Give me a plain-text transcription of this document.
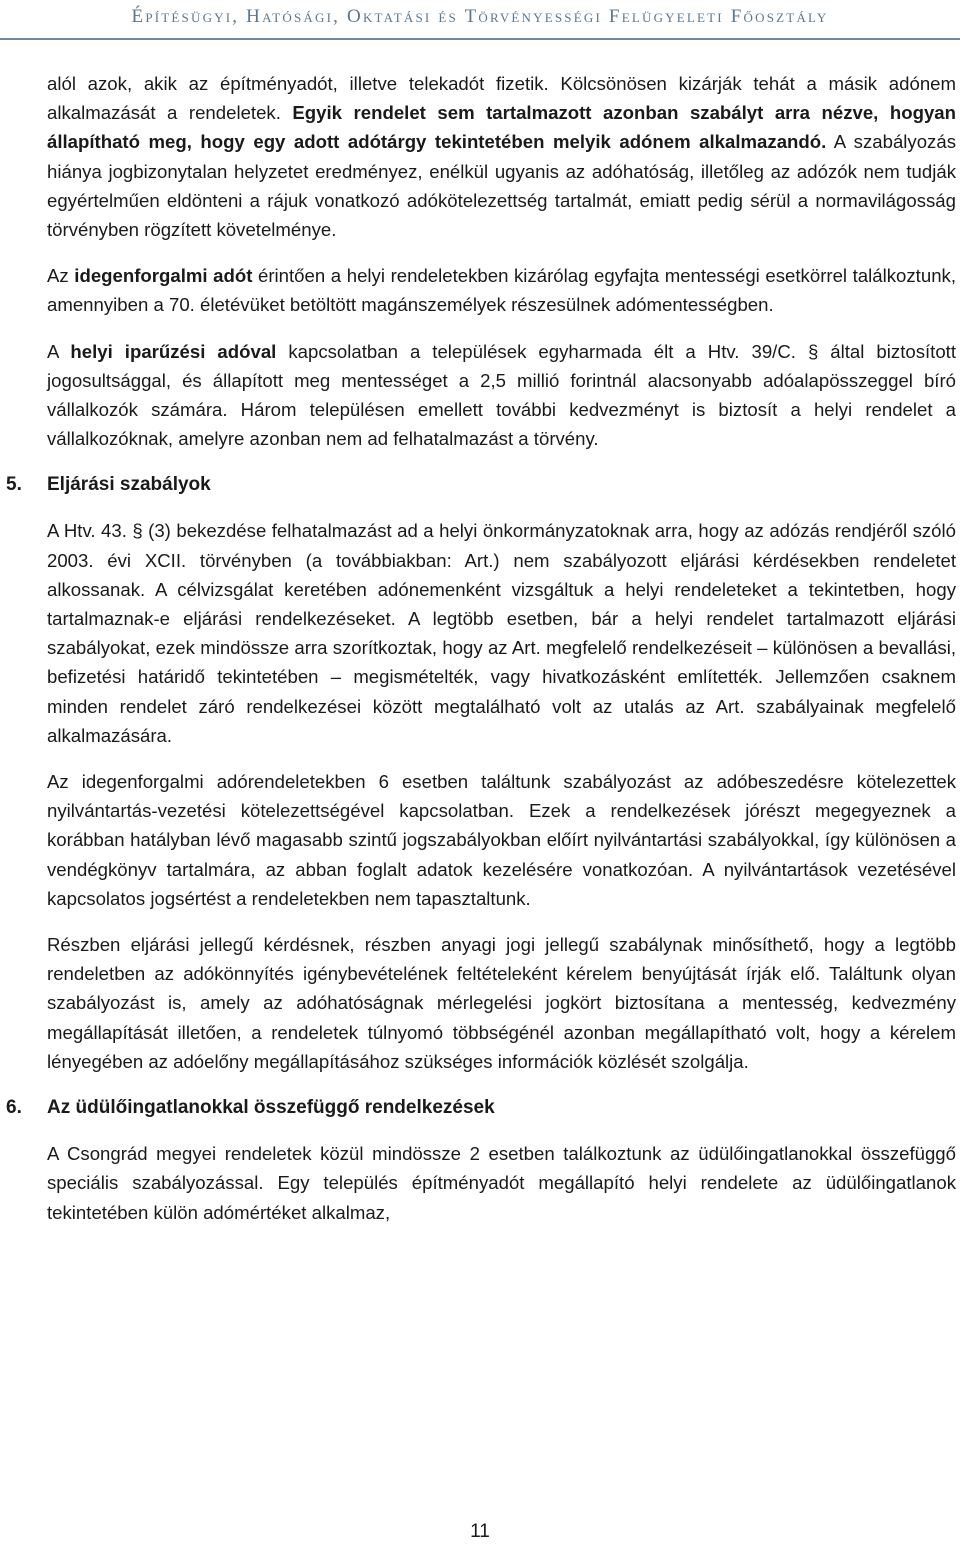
Építésügyi, Hatósági, Oktatási és Törvényességi Felügyeleti Főosztály

alól azok, akik az építményadót, illetve telekadót fizetik. Kölcsönösen kizárják tehát a másik adónem alkalmazását a rendeletek. Egyik rendelet sem tartalmazott azonban szabályt arra nézve, hogyan állapítható meg, hogy egy adott adótárgy tekintetében melyik adónem alkalmazandó. A szabályozás hiánya jogbizonytalan helyzetet eredményez, enélkül ugyanis az adóhatóság, illetőleg az adózók nem tudják egyértelműen eldönteni a rájuk vonatkozó adókötelezettség tartalmát, emiatt pedig sérül a normavilágosság törvényben rögzített követelménye.

Az idegenforgalmi adót érintően a helyi rendeletekben kizárólag egyfajta mentességi esetkörrel találkoztunk, amennyiben a 70. életévüket betöltött magánszemélyek részesülnek adómentességben.

A helyi iparűzési adóval kapcsolatban a települések egyharmada élt a Htv. 39/C. § által biztosított jogosultsággal, és állapított meg mentességet a 2,5 millió forintnál alacsonyabb adóalapösszeggel bíró vállalkozók számára. Három településen emellett további kedvezményt is biztosít a helyi rendelet a vállalkozóknak, amelyre azonban nem ad felhatalmazást a törvény.

5. Eljárási szabályok

A Htv. 43. § (3) bekezdése felhatalmazást ad a helyi önkormányzatoknak arra, hogy az adózás rendjéről szóló 2003. évi XCII. törvényben (a továbbiakban: Art.) nem szabályozott eljárási kérdésekben rendeletet alkossanak. A célvizsgálat keretében adónemenként vizsgáltuk a helyi rendeleteket a tekintetben, hogy tartalmaznak-e eljárási rendelkezéseket. A legtöbb esetben, bár a helyi rendelet tartalmazott eljárási szabályokat, ezek mindössze arra szorítkoztak, hogy az Art. megfelelő rendelkezéseit – különösen a bevallási, befizetési határidő tekintetében – megismételték, vagy hivatkozásként említették. Jellemzően csaknem minden rendelet záró rendelkezései között megtalálható volt az utalás az Art. szabályainak megfelelő alkalmazására.

Az idegenforgalmi adórendeletekben 6 esetben találtunk szabályozást az adóbeszedésre kötelezettek nyilvántartás-vezetési kötelezettségével kapcsolatban. Ezek a rendelkezések jórészt megegyeznek a korábban hatályban lévő magasabb szintű jogszabályokban előírt nyilvántartási szabályokkal, így különösen a vendégkönyv tartalmára, az abban foglalt adatok kezelésére vonatkozóan. A nyilvántartások vezetésével kapcsolatos jogsértést a rendeletekben nem tapasztaltunk.

Részben eljárási jellegű kérdésnek, részben anyagi jogi jellegű szabálynak minősíthető, hogy a legtöbb rendeletben az adókönnyítés igénybevételének feltételeként kérelem benyújtását írják elő. Találtunk olyan szabályozást is, amely az adóhatóságnak mérlegelési jogkört biztosítana a mentesség, kedvezmény megállapítását illetően, a rendeletek túlnyomó többségénél azonban megállapítható volt, hogy a kérelem lényegében az adóelőny megállapításához szükséges információk közlését szolgálja.

6. Az üdülőingatlanokkal összefüggő rendelkezések

A Csongrád megyei rendeletek közül mindössze 2 esetben találkoztunk az üdülőingatlanokkal összefüggő speciális szabályozással. Egy település építményadót megállapító helyi rendelete az üdülőingatlanok tekintetében külön adómértéket alkalmaz,

11
